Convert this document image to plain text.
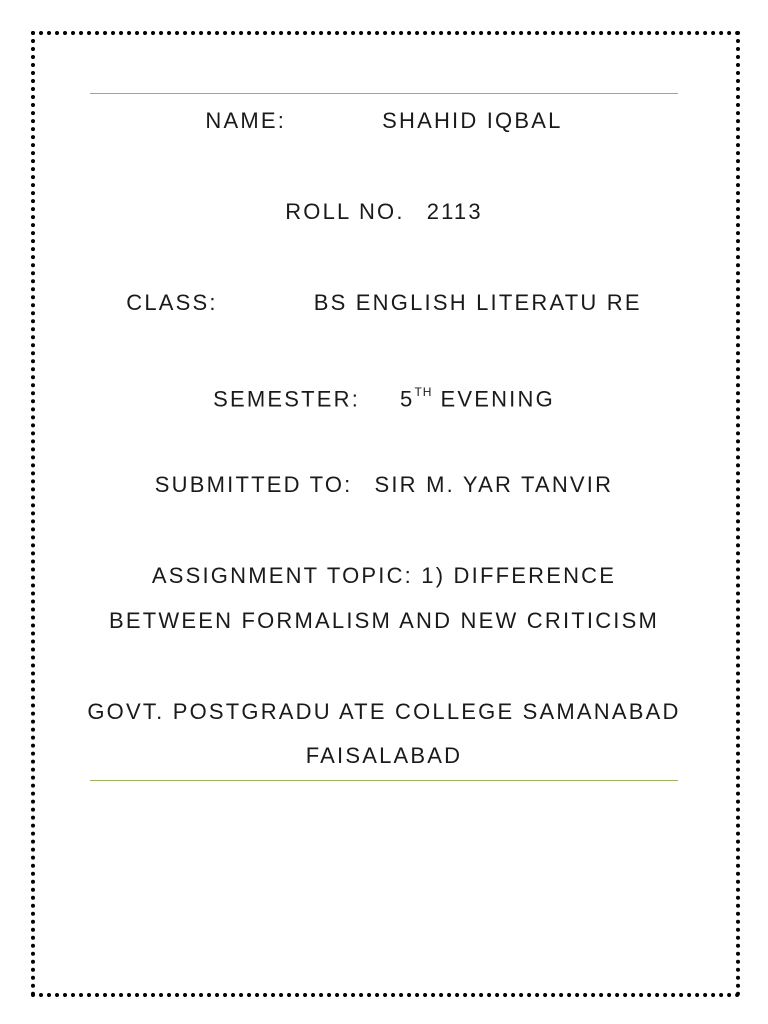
NAME:	SHAHID IQBAL
ROLL NO. 2113
CLASS:	BS ENGLISH LITERATU RE
SEMESTER: 5TH EVENING
SUBMITTED TO: SIR M. YAR TANVIR
ASSIGNMENT TOPIC: 1) DIFFERENCE
BETWEEN FORMALISM AND NEW CRITICISM
GOVT. POSTGRADU ATE COLLEGE SAMANABAD
FAISALABAD
